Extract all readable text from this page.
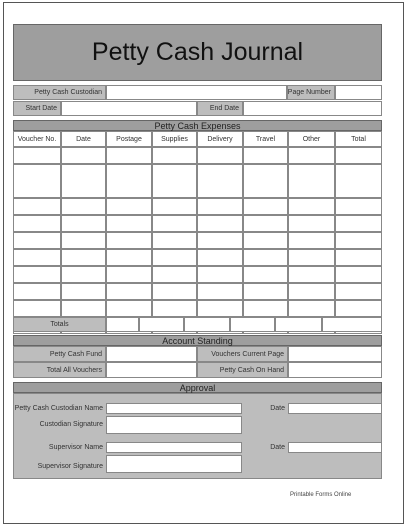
Petty Cash Journal
Petty Cash Custodian	Page Number
Start Date	End Date
Petty Cash Expenses
Voucher No.	Date	Postage	Supplies	Delivery	Travel	Other	Total
Totals
Account Standing
Petty Cash Fund	Vouchers Current Page
Total All Vouchers	Petty Cash On Hand
Approval
Petty Cash Custodian Name	Date
Custodian Signature
Supervisor Name	Date
Supervisor Signature
Printable Forms Online
